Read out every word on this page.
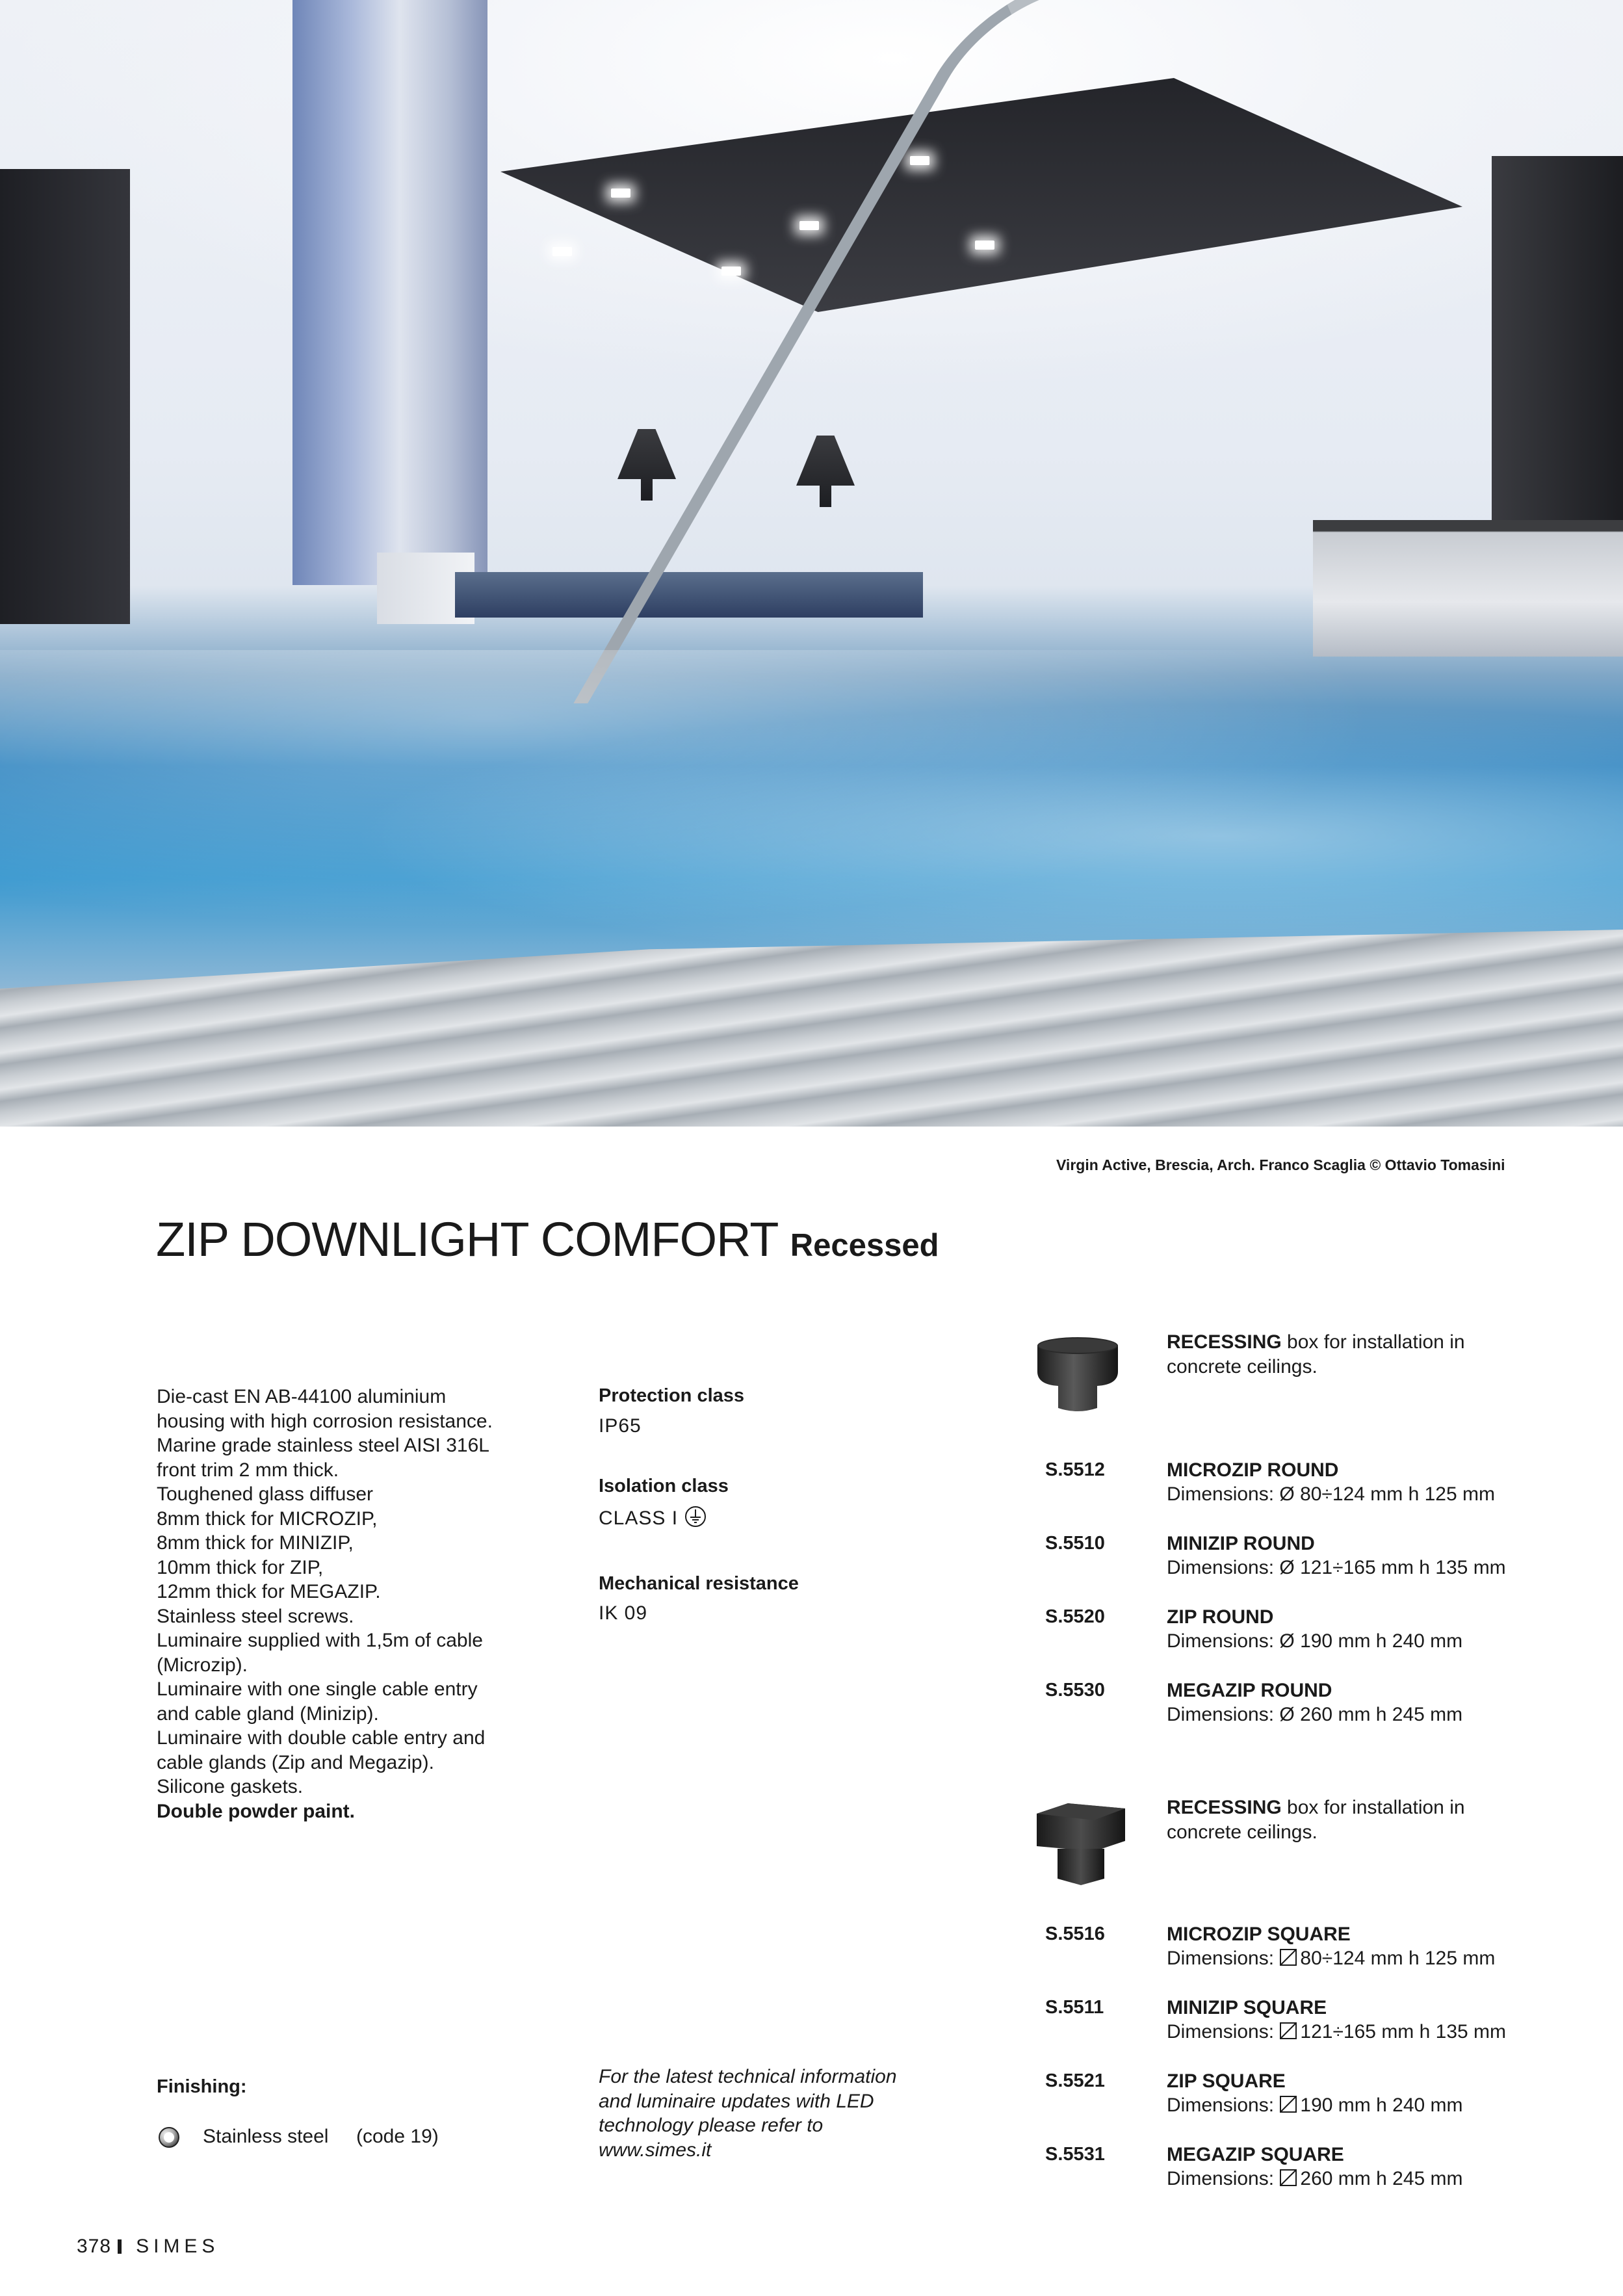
Virgin Active, Brescia, Arch. Franco Scaglia © Ottavio Tomasini
ZIP DOWNLIGHT COMFORT Recessed
Die-cast EN AB-44100 aluminium
housing with high corrosion resistance.
Marine grade stainless steel AISI 316L
front trim 2 mm thick.
Toughened glass diffuser
8mm thick for MICROZIP,
8mm thick for MINIZIP,
10mm thick for ZIP,
12mm thick for MEGAZIP.
Stainless steel screws.
Luminaire supplied with 1,5m of cable
(Microzip).
Luminaire with one single cable entry
and cable gland (Minizip).
Luminaire with double cable entry and
cable glands (Zip and Megazip).
Silicone gaskets.
Double powder paint.
Protection class
IP65
Isolation class
CLASS I
Mechanical resistance
IK 09
RECESSING box for installation in
concrete ceilings.
S.5512	MICROZIP ROUND
Dimensions: Ø 80÷124 mm h 125 mm
S.5510	MINIZIP ROUND
Dimensions: Ø 121÷165 mm h 135 mm
S.5520	ZIP ROUND
Dimensions: Ø 190 mm h 240 mm
S.5530	MEGAZIP ROUND
Dimensions: Ø 260 mm h 245 mm
RECESSING box for installation in
concrete ceilings.
S.5516	MICROZIP SQUARE
Dimensions: 80÷124 mm h 125 mm
S.5511	MINIZIP SQUARE
Dimensions: 121÷165 mm h 135 mm
S.5521	ZIP SQUARE
Dimensions: 190 mm h 240 mm
S.5531	MEGAZIP SQUARE
Dimensions: 260 mm h 245 mm
Finishing:
Stainless steel (code 19)
For the latest technical information
and luminaire updates with LED
technology please refer to
www.simes.it
378 SIMES
